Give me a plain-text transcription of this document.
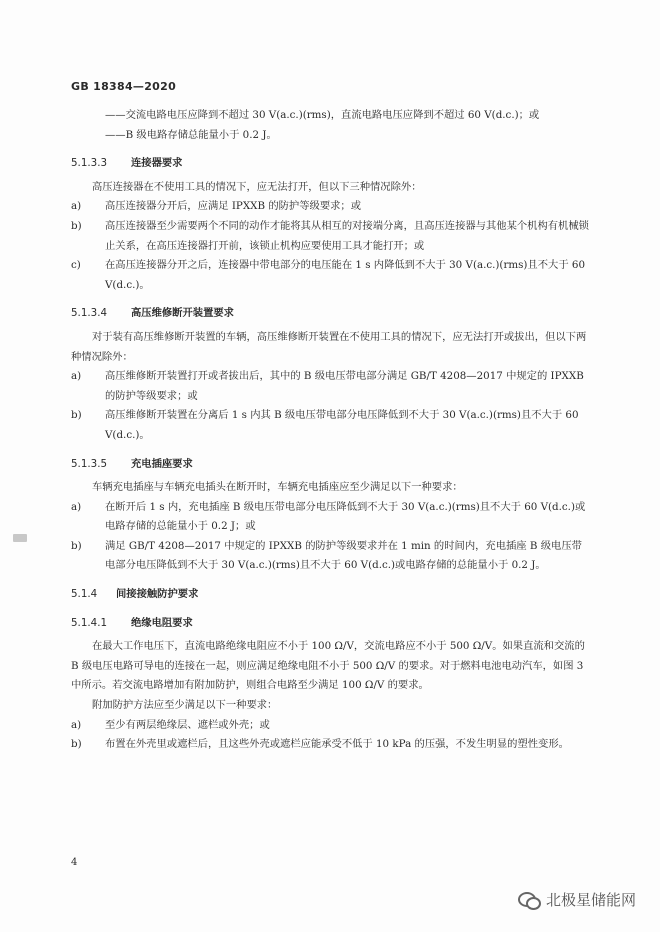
GB 18384—2020
——交流电路电压应降到不超过 30 V(a.c.)(rms)，直流电路电压应降到不超过 60 V(d.c.)；或
——B 级电路存储总能量小于 0.2 J。
5.1.3.3 连接器要求
高压连接器在不使用工具的情况下，应无法打开，但以下三种情况除外：
a)	高压连接器分开后，应满足 IPXXB 的防护等级要求；或
b)	高压连接器至少需要两个不同的动作才能将其从相互的对接端分离，且高压连接器与其他某个机构有机械锁止关系，在高压连接器打开前，该锁止机构应要使用工具才能打开；或
c)	在高压连接器分开之后，连接器中带电部分的电压能在 1 s 内降低到不大于 30 V(a.c.)(rms)且不大于 60 V(d.c.)。
5.1.3.4 高压维修断开装置要求
对于装有高压维修断开装置的车辆，高压维修断开装置在不使用工具的情况下，应无法打开或拔出，但以下两种情况除外：
a)	高压维修断开装置打开或者拔出后，其中的 B 级电压带电部分满足 GB/T 4208—2017 中规定的 IPXXB 的防护等级要求；或
b)	高压维修断开装置在分离后 1 s 内其 B 级电压带电部分电压降低到不大于 30 V(a.c.)(rms)且不大于 60 V(d.c.)。
5.1.3.5 充电插座要求
车辆充电插座与车辆充电插头在断开时，车辆充电插座应至少满足以下一种要求：
a)	在断开后 1 s 内，充电插座 B 级电压带电部分电压降低到不大于 30 V(a.c.)(rms)且不大于 60 V(d.c.)或电路存储的总能量小于 0.2 J；或
b)	满足 GB/T 4208—2017 中规定的 IPXXB 的防护等级要求并在 1 min 的时间内，充电插座 B 级电压带电部分电压降低到不大于 30 V(a.c.)(rms)且不大于 60 V(d.c.)或电路存储的总能量小于 0.2 J。
5.1.4 间接接触防护要求
5.1.4.1 绝缘电阻要求
在最大工作电压下，直流电路绝缘电阻应不小于 100 Ω/V，交流电路应不小于 500 Ω/V。如果直流和交流的 B 级电压电路可导电的连接在一起，则应满足绝缘电阻不小于 500 Ω/V 的要求。对于燃料电池电动汽车，如图 3 中所示。若交流电路增加有附加防护，则组合电路至少满足 100 Ω/V 的要求。
附加防护方法应至少满足以下一种要求：
a)	至少有两层绝缘层、遮栏或外壳；或
b)	布置在外壳里或遮栏后，且这些外壳或遮栏应能承受不低于 10 kPa 的压强，不发生明显的塑性变形。
4
北极星储能网
